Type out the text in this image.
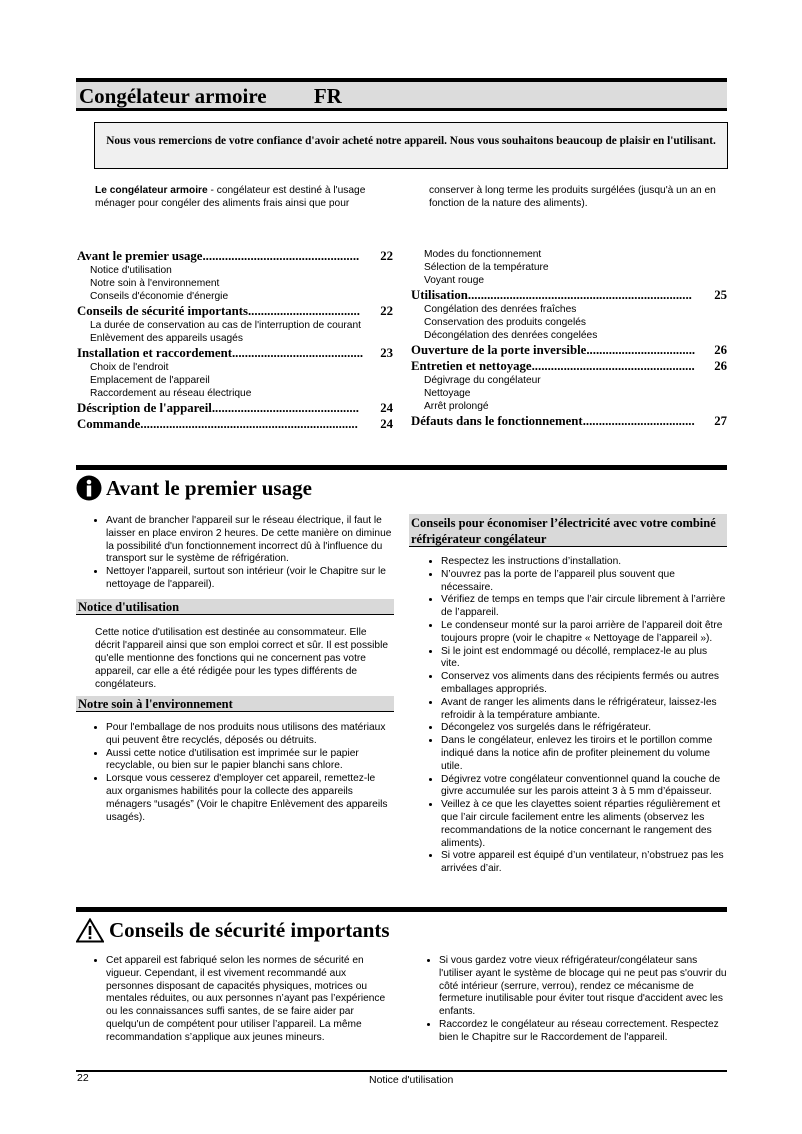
Congélateur armoire FR
Nous vous remercions de votre confiance d'avoir acheté notre appareil. Nous vous souhaitons beaucoup de plaisir en l'utilisant.
Le congélateur armoire - congélateur est destiné à l'usage ménager pour congéler des aliments frais ainsi que pour
conserver à long terme les produits surgélées (jusqu'à un an en fonction de la nature des aliments).
Avant le premier usage .................................................	22
Notice d'utilisation
Notre soin à l'environnement
Conseils d'économie d'énergie
Conseils de sécurité importants ...................................	22
La durée de conservation au cas de l'interruption de courant
Enlèvement des appareils usagés
Installation et raccordement .........................................	23
Choix de l'endroit
Emplacement de l'appareil
Raccordement au réseau électrique
Déscription de l'appareil ..............................................	24
Commande ....................................................................	24
Modes du fonctionnement
Sélection de la température
Voyant rouge
Utilisation ......................................................................	25
Congélation des denrées fraîches
Conservation des produits congelés
Décongélation des denrées congelées
Ouverture de la porte inversible ..................................	26
Entretien et nettoyage ...................................................	26
Dégivrage du congélateur
Nettoyage
Arrêt prolongé
Défauts dans le fonctionnement ...................................	27
Avant le premier usage
• Avant de brancher l'appareil sur le réseau électrique, il faut le laisser en place environ 2 heures. De cette manière on diminue la possibilité d'un fonctionnement incorrect dû à l'influence du transport sur le système de réfrigération.
• Nettoyer l'appareil, surtout son intérieur (voir le Chapitre sur le nettoyage de l'appareil).
Notice d'utilisation
Cette notice d'utilisation est destinée au consommateur. Elle décrit l'appareil ainsi que son emploi correct et sûr. Il est possible qu'elle mentionne des fonctions qui ne concernent pas votre appareil, car elle a été rédigée pour les types différents de congélateurs.
Notre soin à l'environnement
• Pour l'emballage de nos produits nous utilisons des matériaux qui peuvent être recyclés, déposés ou détruits.
• Aussi cette notice d'utilisation est imprimée sur le papier recyclable, ou bien sur le papier blanchi sans chlore.
• Lorsque vous cesserez d'employer cet appareil, remettez-le aux organismes habilités pour la collecte des appareils ménagers “usagés” (Voir le chapitre Enlèvement des appareils usagés).
Conseils pour économiser l’électricité avec votre combiné réfrigérateur congélateur
• Respectez les instructions d’installation.
• N’ouvrez pas la porte de l’appareil plus souvent que nécessaire.
• Vérifiez de temps en temps que l’air circule librement à l’arrière de l’appareil.
• Le condenseur monté sur la paroi arrière de l’appareil doit être toujours propre (voir le chapitre « Nettoyage de l’appareil »).
• Si le joint est endommagé ou décollé, remplacez-le au plus vite.
• Conservez vos aliments dans des récipients fermés ou autres emballages appropriés.
• Avant de ranger les aliments dans le réfrigérateur, laissez-les refroidir à la température ambiante.
• Décongelez vos surgelés dans le réfrigérateur.
• Dans le congélateur, enlevez les tiroirs et le portillon comme indiqué dans la notice afin de profiter pleinement du volume utile.
• Dégivrez votre congélateur conventionnel quand la couche de givre accumulée sur les parois atteint 3 à 5 mm d’épaisseur.
• Veillez à ce que les clayettes soient réparties régulièrement et que l’air circule facilement entre les aliments (observez les recommandations de la notice concernant le rangement des aliments).
• Si votre appareil est équipé d’un ventilateur, n’obstruez pas les arrivées d’air.
Conseils de sécurité importants
• Cet appareil est fabriqué selon les normes de sécurité en vigueur. Cependant, il est vivement recommandé aux personnes disposant de capacités physiques, motrices ou mentales réduites, ou aux personnes n’ayant pas l’expérience ou les connaissances suffi santes, de se faire aider par quelqu'un de compétent pour utiliser l’appareil. La même recommandation s’applique aux jeunes mineurs.
• Si vous gardez votre vieux réfrigérateur/congélateur sans l'utiliser ayant le système de blocage qui ne peut pas s'ouvrir du côté intérieur (serrure, verrou), rendez ce mécanisme de fermeture inutilisable pour éviter tout risque d'accident avec les enfants.
• Raccordez le congélateur au réseau correctement. Respectez bien le Chapitre sur le Raccordement de l'appareil.
22	Notice d'utilisation
